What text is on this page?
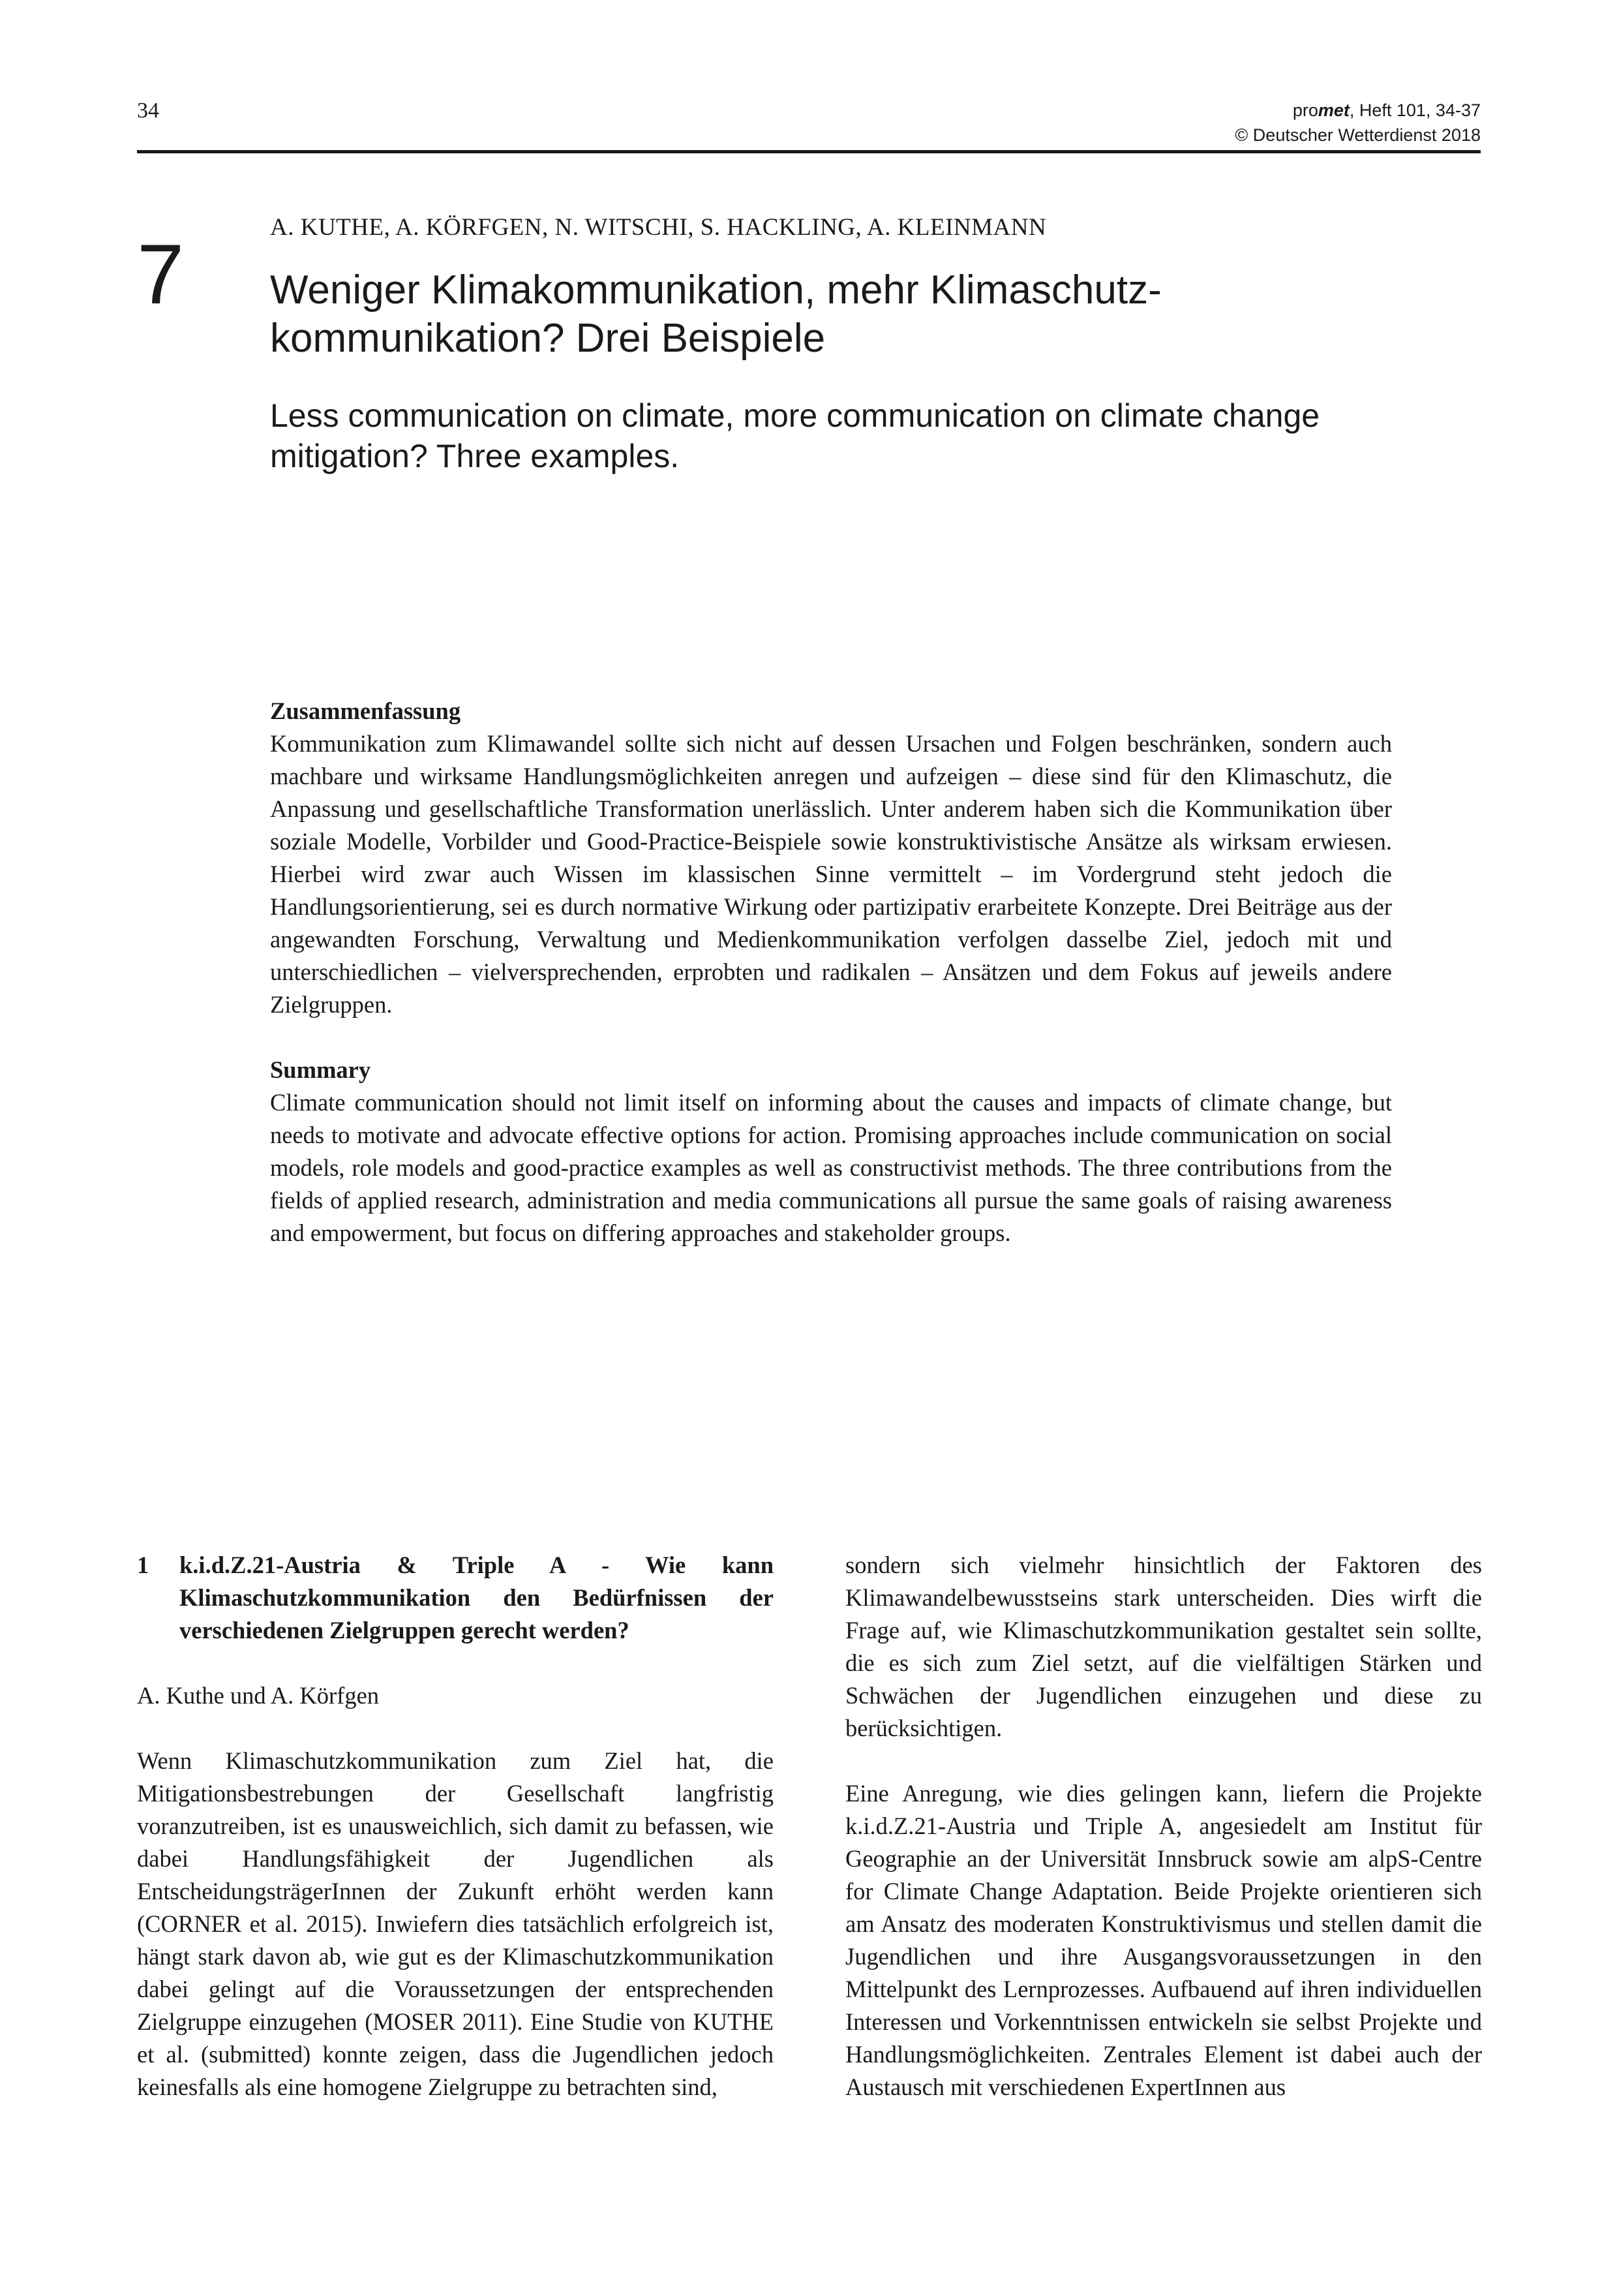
34	promet, Heft 101, 34-37
© Deutscher Wetterdienst 2018
7	A. KUTHE, A. KÖRFGEN, N. WITSCHI, S. HACKLING, A. KLEINMANN
Weniger Klimakommunikation, mehr Klimaschutz-
kommunikation? Drei Beispiele
Less communication on climate, more communication on climate change
mitigation? Three examples.
Zusammenfassung

Kommunikation zum Klimawandel sollte sich nicht auf dessen Ursachen und Folgen beschränken, sondern auch machbare und wirksame Handlungsmöglichkeiten anregen und aufzeigen – diese sind für den Klimaschutz, die Anpassung und gesellschaftliche Transformation unerlässlich. Unter anderem haben sich die Kommunikation über soziale Modelle, Vorbilder und Good-Practice-Beispiele sowie konstruktivistische Ansätze als wirksam erwiesen. Hierbei wird zwar auch Wissen im klassischen Sinne vermittelt – im Vordergrund steht jedoch die Handlungsorientierung, sei es durch normative Wirkung oder partizipativ erarbeitete Konzepte. Drei Beiträge aus der angewandten Forschung, Verwaltung und Medienkommunikation verfolgen dasselbe Ziel, jedoch mit und unterschiedlichen – vielversprechenden, erprobten und radikalen – Ansätzen und dem Fokus auf jeweils andere Zielgruppen.

Summary

Climate communication should not limit itself on informing about the causes and impacts of climate change, but needs to motivate and advocate effective options for action. Promising approaches include communication on social models, role models and good-practice examples as well as constructivist methods. The three contributions from the fields of applied research, administration and media communications all pursue the same goals of raising awareness and empowerment, but focus on differing approaches and stakeholder groups.

1	k.i.d.Z.21-Austria & Triple A - Wie kann Klimaschutzkommunikation den Bedürfnissen der verschiedenen Zielgruppen gerecht werden?

A. Kuthe und A. Körfgen

Wenn Klimaschutzkommunikation zum Ziel hat, die Mitigationsbestrebungen der Gesellschaft langfristig voranzutreiben, ist es unausweichlich, sich damit zu befassen, wie dabei Handlungsfähigkeit der Jugendlichen als EntscheidungsträgerInnen der Zukunft erhöht werden kann (CORNER et al. 2015). Inwiefern dies tatsächlich erfolgreich ist, hängt stark davon ab, wie gut es der Klimaschutzkommunikation dabei gelingt auf die Voraussetzungen der entsprechenden Zielgruppe einzugehen (MOSER 2011). Eine Studie von KUTHE et al. (submitted) konnte zeigen, dass die Jugendlichen jedoch keinesfalls als eine homogene Zielgruppe zu betrachten sind,

sondern sich vielmehr hinsichtlich der Faktoren des Klimawandelbewusstseins stark unterscheiden. Dies wirft die Frage auf, wie Klimaschutzkommunikation gestaltet sein sollte, die es sich zum Ziel setzt, auf die vielfältigen Stärken und Schwächen der Jugendlichen einzugehen und diese zu berücksichtigen.

Eine Anregung, wie dies gelingen kann, liefern die Projekte k.i.d.Z.21-Austria und Triple A, angesiedelt am Institut für Geographie an der Universität Innsbruck sowie am alpS-Centre for Climate Change Adaptation. Beide Projekte orientieren sich am Ansatz des moderaten Konstruktivismus und stellen damit die Jugendlichen und ihre Ausgangsvoraussetzungen in den Mittelpunkt des Lernprozesses. Aufbauend auf ihren individuellen Interessen und Vorkenntnissen entwickeln sie selbst Projekte und Handlungsmöglichkeiten. Zentrales Element ist dabei auch der Austausch mit verschiedenen ExpertInnen aus
